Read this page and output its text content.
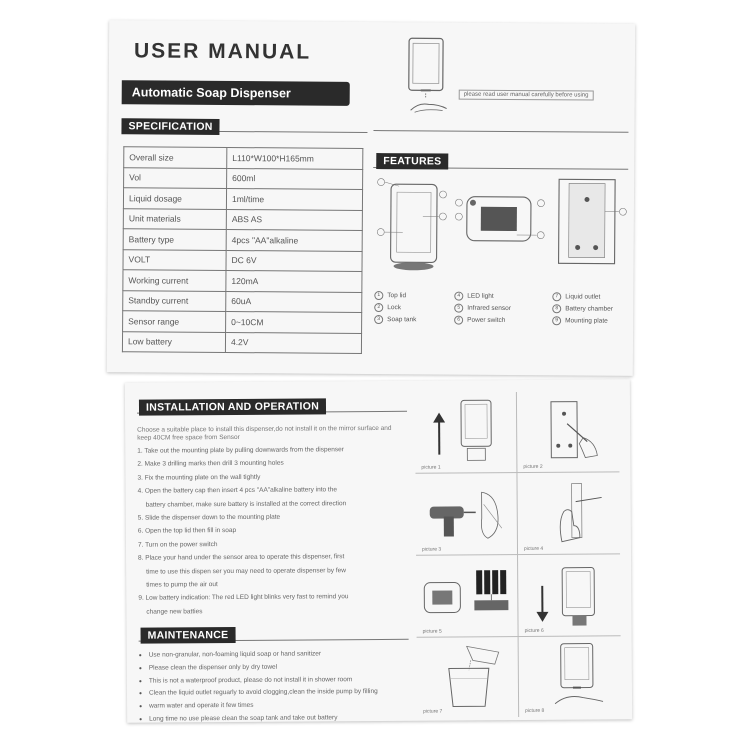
USER MANUAL
Automatic Soap Dispenser
SPECIFICATION
Overall size	L110*W100*H165mm
Vol	600ml
Liquid dosage	1ml/time
Unit materials	ABS AS
Battery type	4pcs "AA"alkaline
VOLT	DC 6V
Working current	120mA
Standby current	60uA
Sensor range	0~10CM
Low battery	4.2V
please read user manual carefully before using
FEATURES
1	Top lid
2	Lock
3	Soap tank
4	LED light
5	Infrared sensor
6	Power switch
7	Liquid outlet
8	Battery chamber
9	Mounting plate
INSTALLATION AND OPERATION
Choose a suitable place to install this dispenser,do not install it on the mirror surface and keep 40CM free space from Sensor
1. Take out the mounting plate by pulling downwards from the dispenser
2. Make 3 drilling marks then drill 3 mounting holes
3. Fix the mounting plate on the wall tightly
4. Open the battery cap then insert 4 pcs "AA"alkaline battery into the
battery chamber, make sure battery is installed at the correct direction
5. Slide the dispenser down to the mounting plate
6. Open the top lid then fill in soap
7. Turn on the power switch
8. Place your hand under the sensor area to operate this dispenser, first
time to use this dispen ser you may need to operate dispenser by few
times to pump the air out
9. Low battery indication: The red LED light blinks very fast to remind you
change new batties
MAINTENANCE
● Use non-granular, non-foaming liquid soap or hand sanitizer
● Please clean the dispenser only by dry towel
● This is not a waterproof product, please do not install it in shower room
● Clean the liquid outlet reguarly to avoid clogging,clean the inside pump by filling
● warm water and operate it few times
● Long time no use please clean the soap tank and take out battery
picture 1	picture 2
picture 3	picture 4
picture 5	picture 6
picture 7	picture 8
